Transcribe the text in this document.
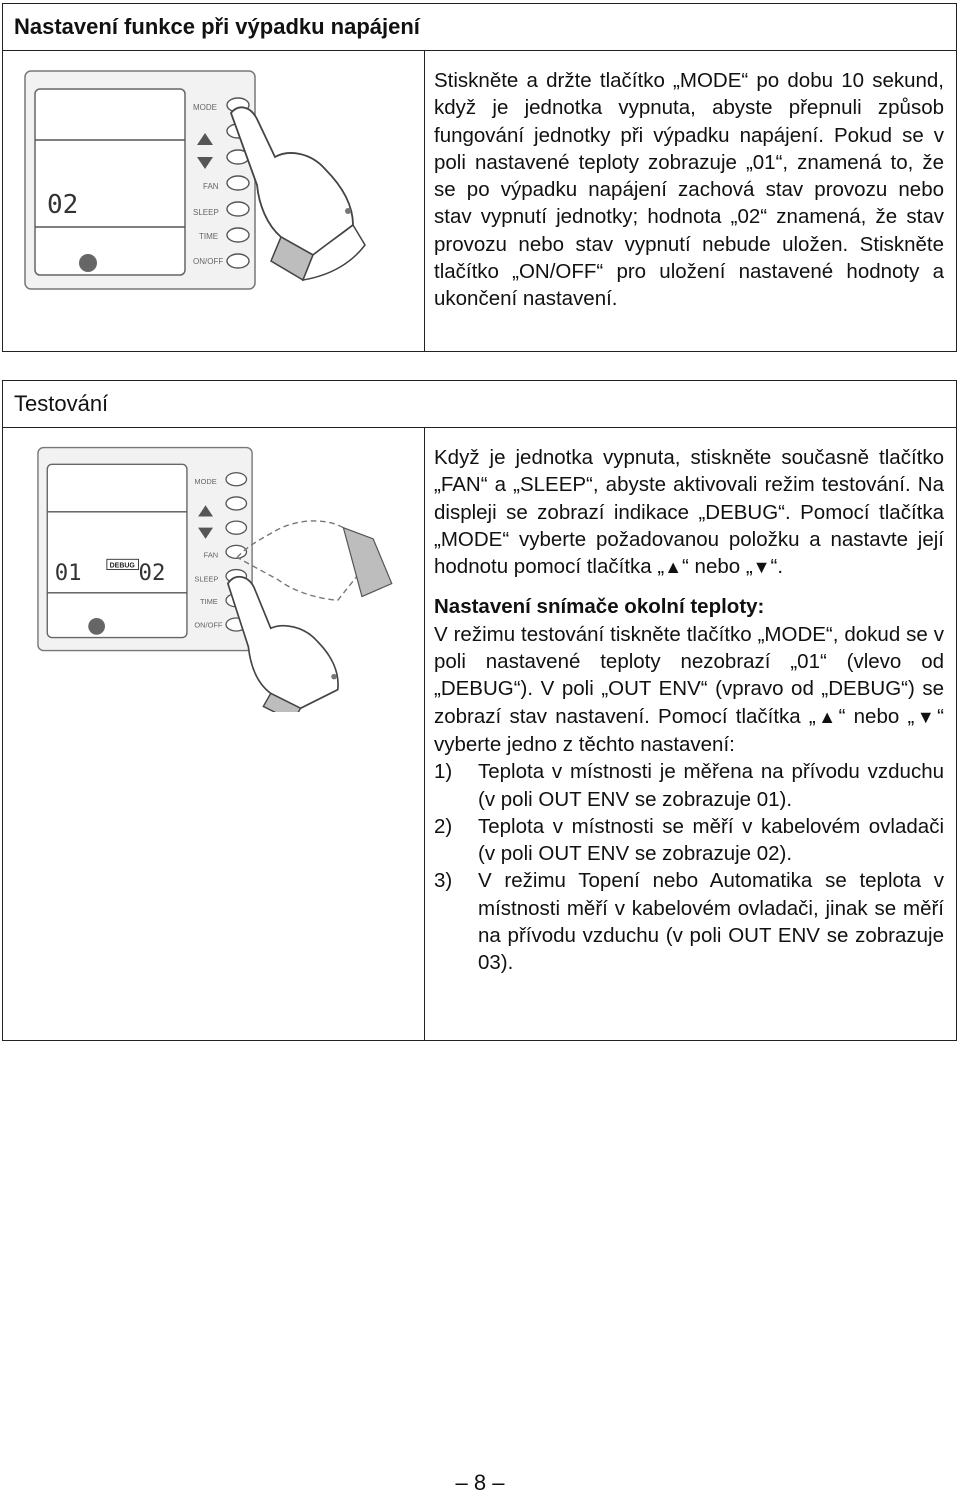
Nastavení funkce při výpadku napájení
02
MODE
FAN
SLEEP
TIME
ON/OFF

Stiskněte a držte tlačítko „MODE“ po dobu 10 sekund, když je jednotka vypnuta, abyste přepnuli způsob fungování jednotky při výpadku napájení. Pokud se v poli nastavené teploty zobrazuje „01“, znamená to, že se po výpadku napájení zachová stav provozu nebo stav vypnutí jednotky; hodnota „02“ znamená, že stav provozu nebo stav vypnutí nebude uložen. Stiskněte tlačítko „ON/OFF“ pro uložení nastavené hodnoty a ukončení nastavení.

Testování
01	DEBUG 02
MODE
FAN
SLEEP
TIME
ON/OFF

Když je jednotka vypnuta, stiskněte současně tlačítko „FAN“ a „SLEEP“, abyste aktivovali režim testování. Na displeji se zobrazí indikace „DEBUG“. Pomocí tlačítka „MODE“ vyberte požadovanou položku a nastavte její hodnotu pomocí tlačítka „▲“ nebo „▼“.

Nastavení snímače okolní teploty:

V režimu testování tiskněte tlačítko „MODE“, dokud se v poli nastavené teploty nezobrazí „01“ (vlevo od „DEBUG“). V poli „OUT ENV“ (vpravo od „DEBUG“) se zobrazí stav nastavení. Pomocí tlačítka „▲“ nebo „▼“ vyberte jedno z těchto nastavení:

1) Teplota v místnosti je měřena na přívodu vzduchu (v poli OUT ENV se zobrazuje 01).
2) Teplota v místnosti se měří v kabelovém ovladači (v poli OUT ENV se zobrazuje 02).
3) V režimu Topení nebo Automatika se teplota v místnosti měří v kabelovém ovladači, jinak se měří na přívodu vzduchu (v poli OUT ENV se zobrazuje 03).
– 8 –
